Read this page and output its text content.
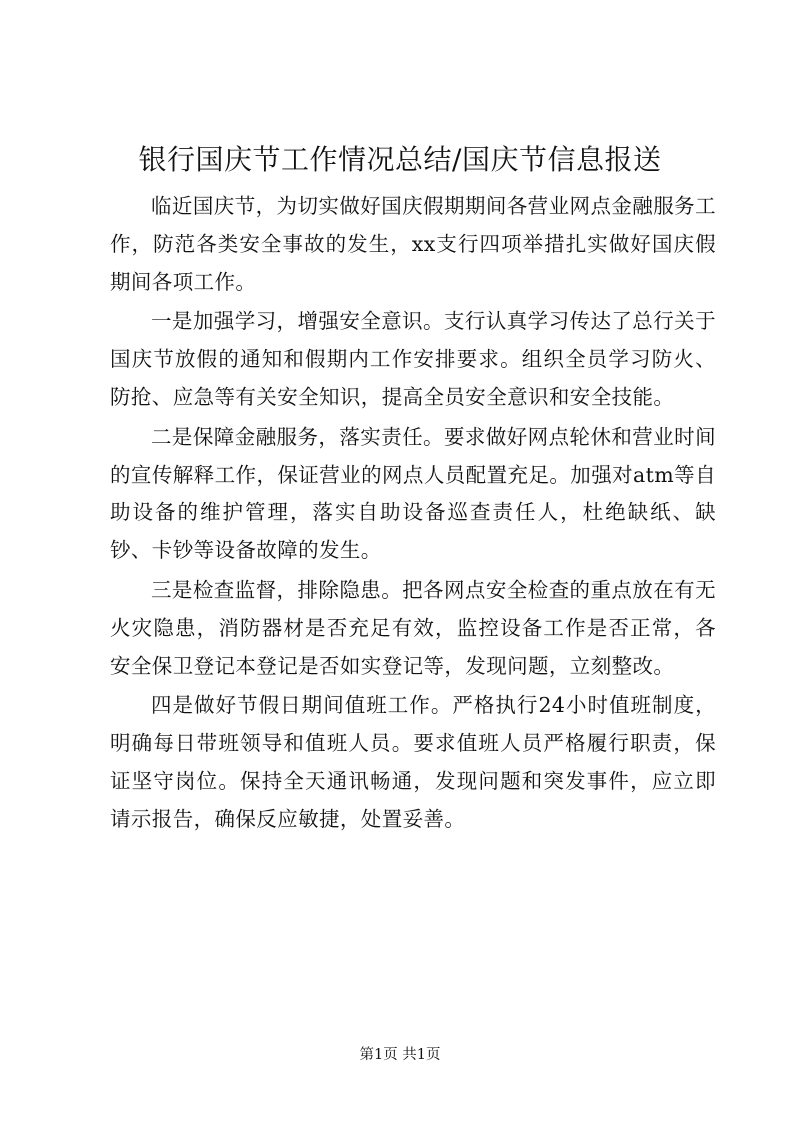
银行国庆节工作情况总结/国庆节信息报送

临近国庆节，为切实做好国庆假期期间各营业网点金融服务工作，防范各类安全事故的发生，xx支行四项举措扎实做好国庆假期间各项工作。

一是加强学习，增强安全意识。支行认真学习传达了总行关于国庆节放假的通知和假期内工作安排要求。组织全员学习防火、防抢、应急等有关安全知识，提高全员安全意识和安全技能。

二是保障金融服务，落实责任。要求做好网点轮休和营业时间的宣传解释工作，保证营业的网点人员配置充足。加强对atm等自助设备的维护管理，落实自助设备巡查责任人，杜绝缺纸、缺钞、卡钞等设备故障的发生。

三是检查监督，排除隐患。把各网点安全检查的重点放在有无火灾隐患，消防器材是否充足有效，监控设备工作是否正常，各安全保卫登记本登记是否如实登记等，发现问题，立刻整改。

四是做好节假日期间值班工作。严格执行24小时值班制度，明确每日带班领导和值班人员。要求值班人员严格履行职责，保证坚守岗位。保持全天通讯畅通，发现问题和突发事件，应立即请示报告，确保反应敏捷，处置妥善。

第1页 共1页
